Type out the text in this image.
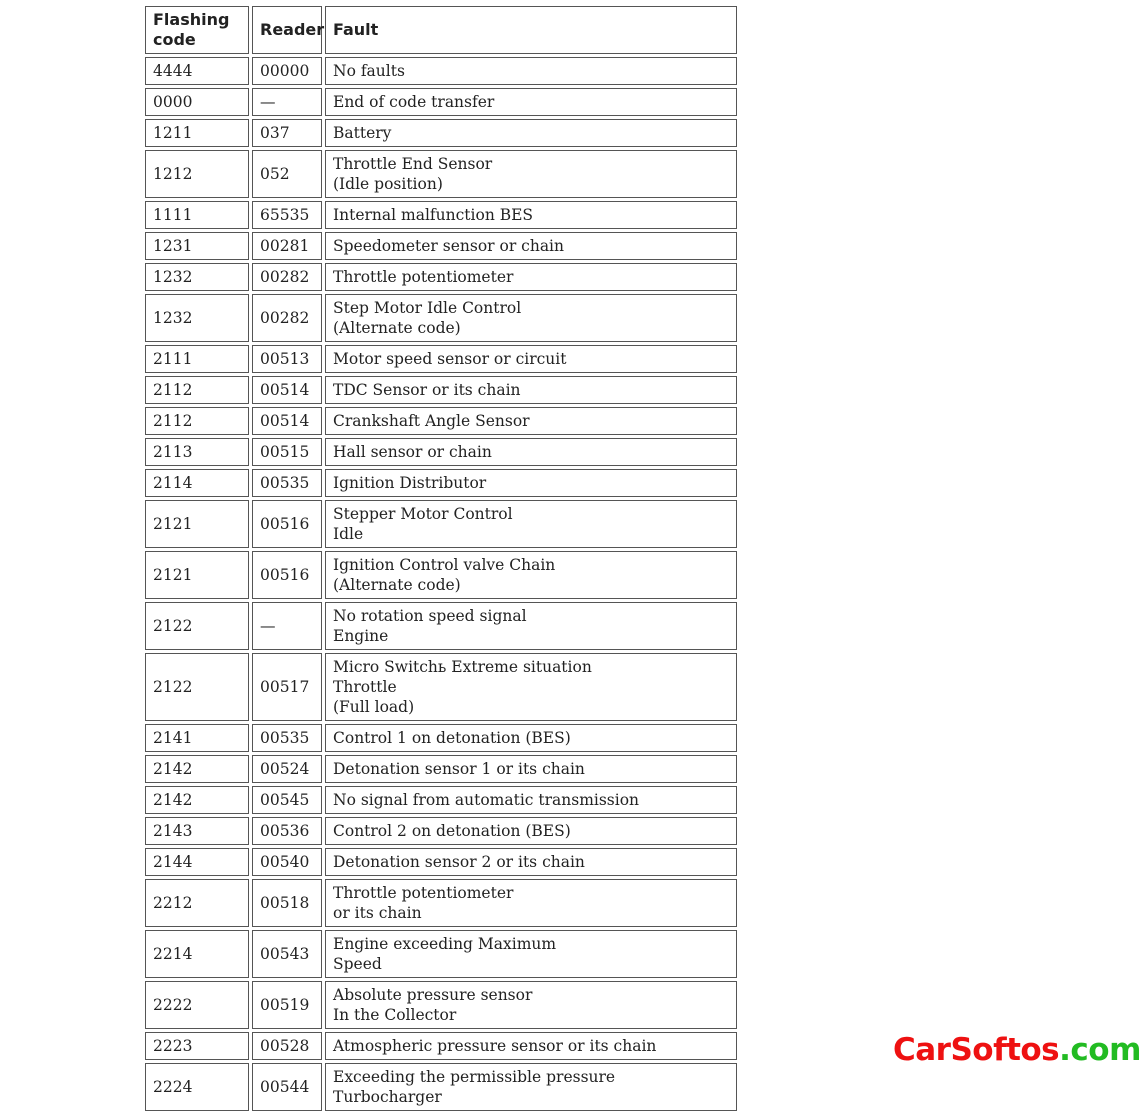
Flashing
code	Reader	Fault
4444	00000	No faults
0000	—	End of code transfer
1211	037	Battery
1212	052	Throttle End Sensor
(Idle position)
1111	65535	Internal malfunction BES
1231	00281	Speedometer sensor or chain
1232	00282	Throttle potentiometer
1232	00282	Step Motor Idle Control
(Alternate code)
2111	00513	Motor speed sensor or circuit
2112	00514	TDC Sensor or its chain
2112	00514	Crankshaft Angle Sensor
2113	00515	Hall sensor or chain
2114	00535	Ignition Distributor
2121	00516	Stepper Motor Control
Idle
2121	00516	Ignition Control valve Chain
(Alternate code)
2122	—	No rotation speed signal
Engine
2122	00517	Micro Switchь Extreme situation
Throttle
(Full load)
2141	00535	Control 1 on detonation (BES)
2142	00524	Detonation sensor 1 or its chain
2142	00545	No signal from automatic transmission
2143	00536	Control 2 on detonation (BES)
2144	00540	Detonation sensor 2 or its chain
2212	00518	Throttle potentiometer
or its chain
2214	00543	Engine exceeding Maximum
Speed
2222	00519	Absolute pressure sensor
In the Collector
2223	00528	Atmospheric pressure sensor or its chain
2224	00544	Exceeding the permissible pressure
Turbocharger
CarSoftos.com
